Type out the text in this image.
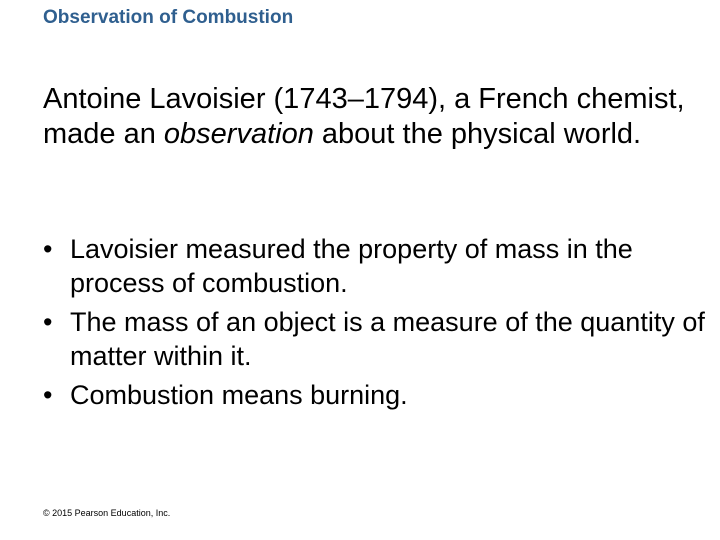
Observation of Combustion

Antoine Lavoisier (1743–1794), a French chemist, made an observation about the physical world.

• Lavoisier measured the property of mass in the process of combustion.
• The mass of an object is a measure of the quantity of matter within it.
• Combustion means burning.
© 2015 Pearson Education, Inc.
